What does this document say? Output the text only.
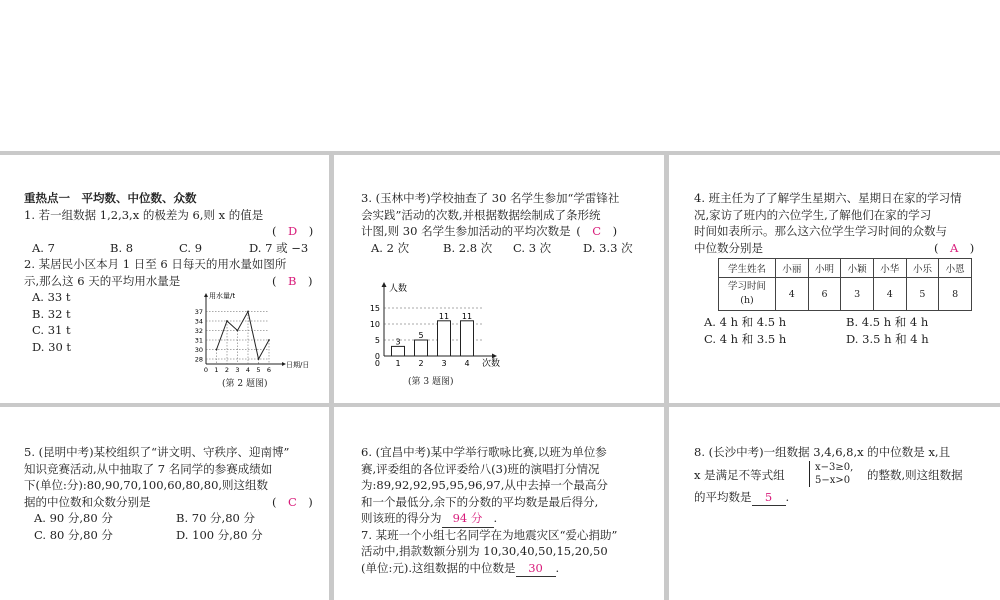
重热点一　平均数、中位数、众数
1. 若一组数据 1,2,3,x 的极差为 6,则 x 的值是
(　D　)
A. 7	B. 8	C. 9	D. 7 或 −3
2. 某居民小区本月 1 日至 6 日每天的用水量如图所
示,那么这 6 天的平均用水量是	(　B　)
A. 33 t
B. 32 t
C. 31 t
D. 30 t
用水量/t
日期/日
28
30
31
32
34
37
0 1 2 3 4 5 6
3. (玉林中考)学校抽查了 30 名学生参加“学雷锋社
会实践”活动的次数,并根据数据绘制成了条形统
计图,则 30 名学生参加活动的平均次数是 (　C　)
A. 2 次	B. 2.8 次 C. 3 次	D. 3.3 次
人数
次数
0
5
10
15
0
3
1
5
2
11
3
11
4
4. 班主任为了了解学生星期六、星期日在家的学习情
况,家访了班内的六位学生,了解他们在家的学习
时间如表所示。那么这六位学生学习时间的众数与
中位数分别是	(　A　)
学生姓名	小丽	小明	小颖	小华	小乐	小恩
学习时间
(h)	4	6	3	4	5	8
A. 4 h 和 4.5 h	B. 4.5 h 和 4 h
C. 4 h 和 3.5 h	D. 3.5 h 和 4 h
5. (昆明中考)某校组织了“讲文明、守秩序、迎南博”
知识竞赛活动,从中抽取了 7 名同学的参赛成绩如
下(单位:分):80,90,70,100,60,80,80,则这组数
据的中位数和众数分别是	(　C　)
A. 90 分,80 分	B. 70 分,80 分
C. 80 分,80 分	D. 100 分,80 分
6. (宜昌中考)某中学举行歌咏比赛,以班为单位参
赛,评委组的各位评委给八(3)班的演唱打分情况
为:89,92,92,95,95,96,97,从中去掉一个最高分
和一个最低分,余下的分数的平均数是最后得分,
则该班的得分为 94 分 .
7. 某班一个小组七名同学在为地震灾区“爱心捐助”
活动中,捐款数额分别为 10,30,40,50,15,20,50
(单位:元).这组数据的中位数是 30 .
8. (长沙中考)一组数据 3,4,6,8,x 的中位数是 x,且
x 是满足不等式组
x−3≥0,
5−x>0 的整数,则这组数据
的平均数是 5 .
(第 2 题图)	(第 3 题图)
